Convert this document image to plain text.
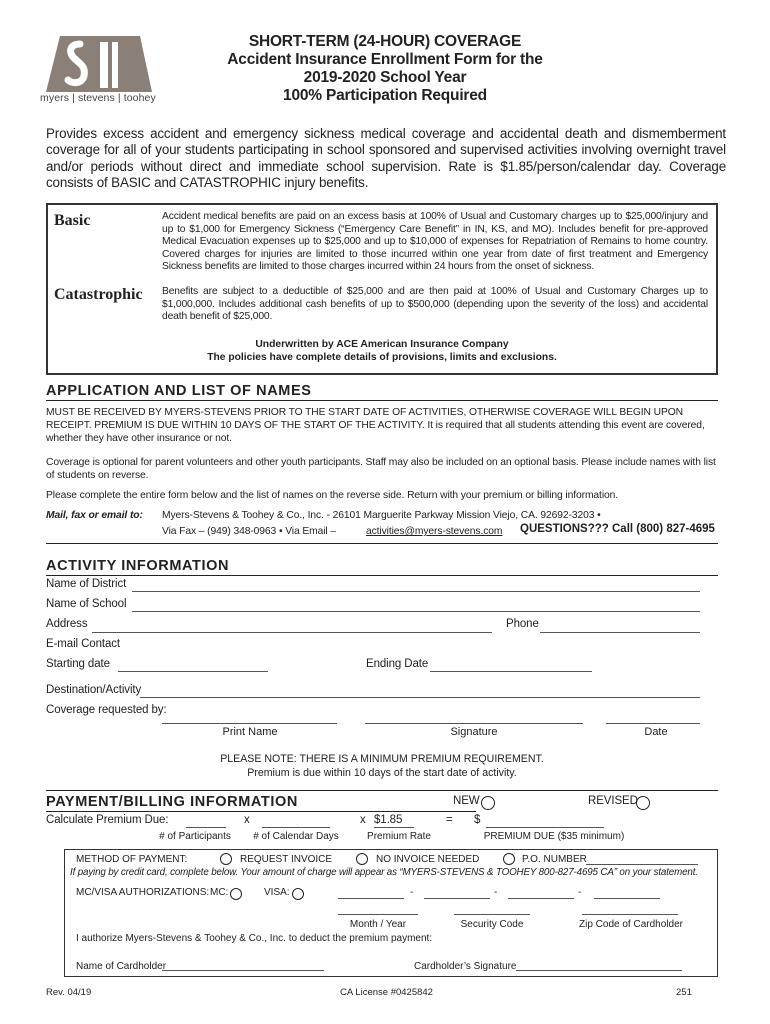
myers | stevens | toohey
SHORT-TERM (24-HOUR) COVERAGE
Accident Insurance Enrollment Form for the
2019-2020 School Year
100% Participation Required
Provides excess accident and emergency sickness medical coverage and accidental death and dismemberment coverage for all of your students participating in school sponsored and supervised activities involving overnight travel and/or periods without direct and immediate school supervision. Rate is $1.85/person/calendar day. Coverage consists of BASIC and CATASTROPHIC injury benefits.
Basic	Accident medical benefits are paid on an excess basis at 100% of Usual and Customary charges up to $25,000/injury and up to $1,000 for Emergency Sickness (“Emergency Care Benefit” in IN, KS, and MO). Includes benefit for pre-approved Medical Evacuation expenses up to $25,000 and up to $10,000 of expenses for Repatriation of Remains to home country. Covered charges for injuries are limited to those incurred within one year from date of first treatment and Emergency Sickness benefits are limited to those charges incurred within 24 hours from the onset of sickness.
Catastrophic Benefits are subject to a deductible of $25,000 and are then paid at 100% of Usual and Customary Charges up to $1,000,000. Includes additional cash benefits of up to $500,000 (depending upon the severity of the loss) and accidental death benefit of $25,000.
Underwritten by ACE American Insurance Company
The policies have complete details of provisions, limits and exclusions.
APPLICATION AND LIST OF NAMES
MUST BE RECEIVED BY MYERS-STEVENS PRIOR TO THE START DATE OF ACTIVITIES, OTHERWISE COVERAGE WILL BEGIN UPON RECEIPT. PREMIUM IS DUE WITHIN 10 DAYS OF THE START OF THE ACTIVITY. It is required that all students attending this event are covered, whether they have other insurance or not.
Coverage is optional for parent volunteers and other youth participants. Staff may also be included on an optional basis. Please include names with list of students on reverse.
Please complete the entire form below and the list of names on the reverse side. Return with your premium or billing information.
Mail, fax or email to: Myers-Stevens & Toohey & Co., Inc. - 26101 Marguerite Parkway Mission Viejo, CA. 92692-3203 •
Via Fax – (949) 348-0963 • Via Email –	activities@myers-stevens.com QUESTIONS??? Call (800) 827-4695
ACTIVITY INFORMATION
Name of District
Name of School
Address	Phone
E-mail Contact
Starting date	Ending Date
Destination/Activity
Coverage requested by:
Print Name	Signature	Date
PLEASE NOTE: THERE IS A MINIMUM PREMIUM REQUIREMENT.
Premium is due within 10 days of the start date of activity.
PAYMENT/BILLING INFORMATION	NEW	REVISED
Calculate Premium Due:	x	x $1.85	= $
# of Participants	# of Calendar Days	Premium Rate	PREMIUM DUE ($35 minimum)
METHOD OF PAYMENT:	REQUEST INVOICE	NO INVOICE NEEDED	P.O. NUMBER
If paying by credit card, complete below. Your amount of charge will appear as “MYERS-STEVENS & TOOHEY 800-827-4695 CA” on your statement.
MC/VISA AUTHORIZATIONS: MC:	VISA:	-	-	-
Month / Year	Security Code	Zip Code of Cardholder
I authorize Myers-Stevens & Toohey & Co., Inc. to deduct the premium payment:
Name of Cardholder	Cardholder’s Signature
Rev. 04/19	CA License #0425842	251
